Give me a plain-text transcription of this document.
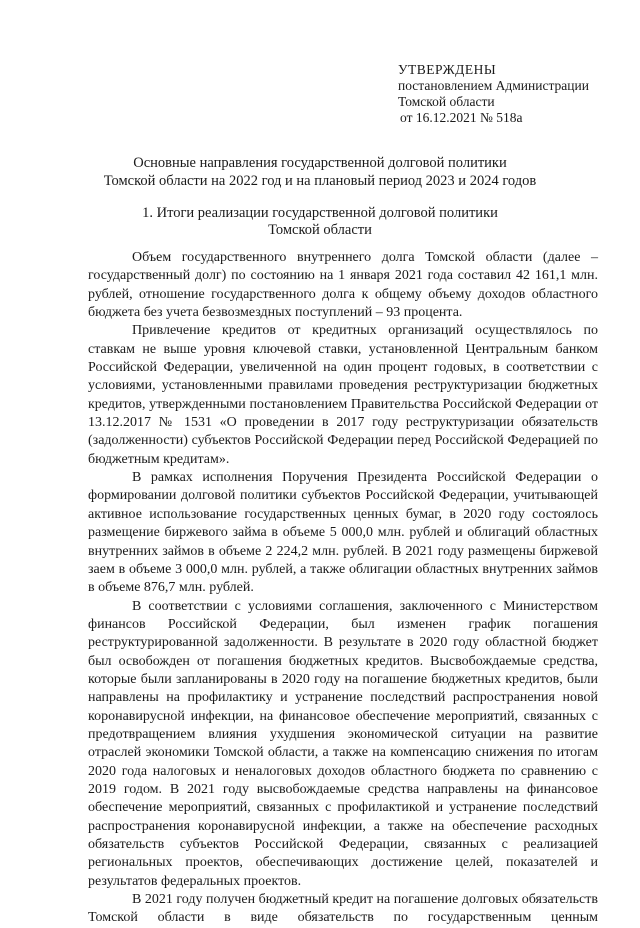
УТВЕРЖДЕНЫ
постановлением Администрации
Томской области
от 16.12.2021 № 518а
Основные направления государственной долговой политики
Томской области на 2022 год и на плановый период 2023 и 2024 годов
1. Итоги реализации государственной долговой политики
Томской области

Объем государственного внутреннего долга Томской области (далее – государственный долг) по состоянию на 1 января 2021 года составил 42 161,1 млн. рублей, отношение государственного долга к общему объему доходов областного бюджета без учета безвозмездных поступлений – 93 процента.

Привлечение кредитов от кредитных организаций осуществлялось по ставкам не выше уровня ключевой ставки, установленной Центральным банком Российской Федерации, увеличенной на один процент годовых, в соответствии с условиями, установленными правилами проведения реструктуризации бюджетных кредитов, утвержденными постановлением Правительства Российской Федерации от 13.12.2017 № 1531 «О проведении в 2017 году реструктуризации обязательств (задолженности) субъектов Российской Федерации перед Российской Федерацией по бюджетным кредитам».

В рамках исполнения Поручения Президента Российской Федерации о формировании долговой политики субъектов Российской Федерации, учитывающей активное использование государственных ценных бумаг, в 2020 году состоялось размещение биржевого займа в объеме 5 000,0 млн. рублей и облигаций областных внутренних займов в объеме 2 224,2 млн. рублей. В 2021 году размещены биржевой заем в объеме 3 000,0 млн. рублей, а также облигации областных внутренних займов в объеме 876,7 млн. рублей.

В соответствии с условиями соглашения, заключенного с Министерством финансов Российской Федерации, был изменен график погашения реструктурированной задолженности. В результате в 2020 году областной бюджет был освобожден от погашения бюджетных кредитов. Высвобождаемые средства, которые были запланированы в 2020 году на погашение бюджетных кредитов, были направлены на профилактику и устранение последствий распространения новой коронавирусной инфекции, на финансовое обеспечение мероприятий, связанных с предотвращением влияния ухудшения экономической ситуации на развитие отраслей экономики Томской области, а также на компенсацию снижения по итогам 2020 года налоговых и неналоговых доходов областного бюджета по сравнению с 2019 годом. В 2021 году высвобождаемые средства направлены на финансовое обеспечение мероприятий, связанных с профилактикой и устранение последствий распространения коронавирусной инфекции, а также на обеспечение расходных обязательств субъектов Российской Федерации, связанных с реализацией региональных проектов, обеспечивающих достижение целей, показателей и результатов федеральных проектов.

В 2021 году получен бюджетный кредит на погашение долговых обязательств Томской области в виде обязательств по государственным ценным
